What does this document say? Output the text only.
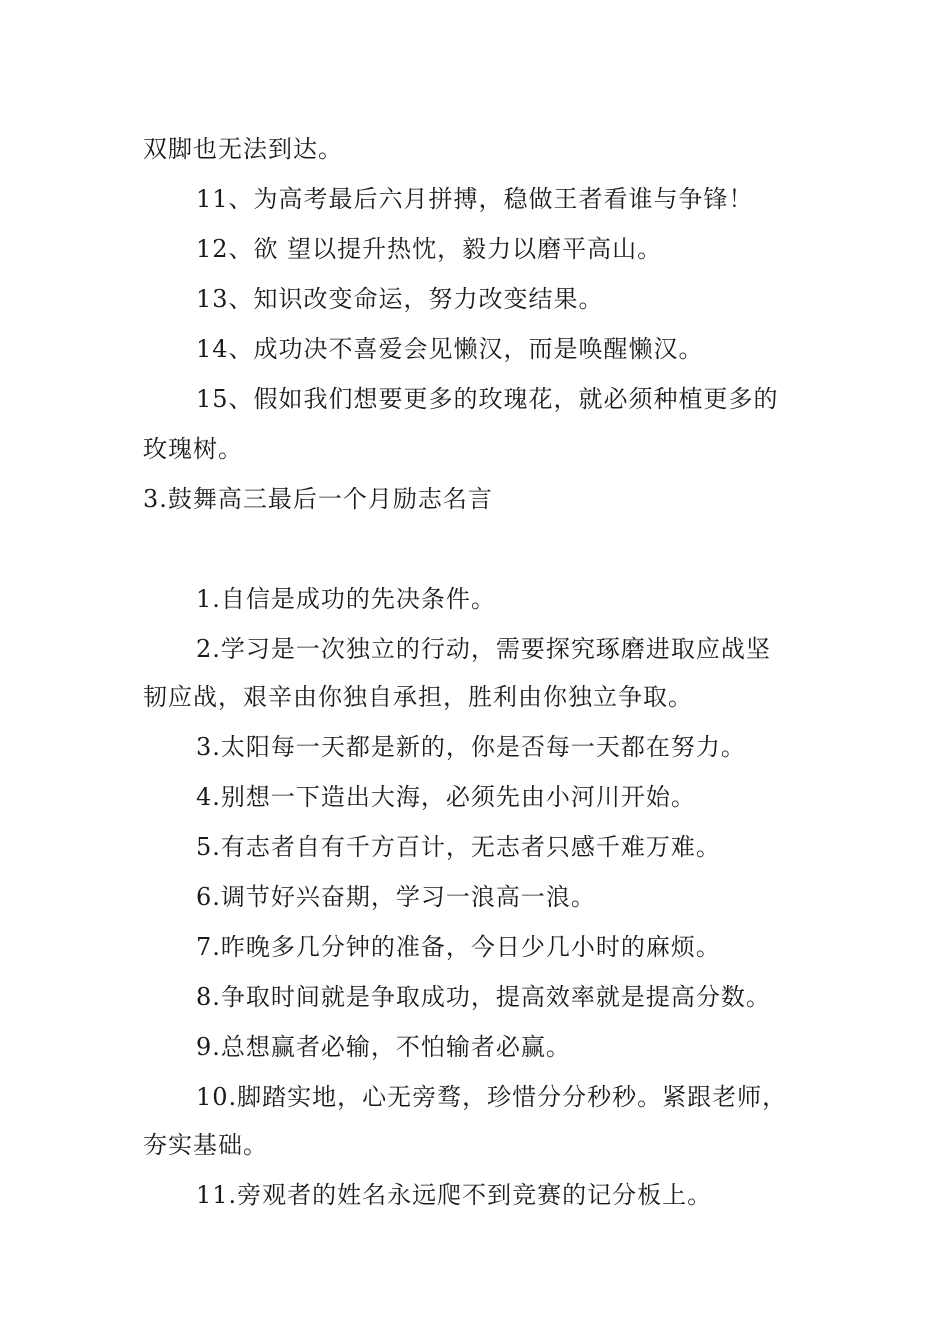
双脚也无法到达。
11、为高考最后六月拼搏，稳做王者看谁与争锋！
12、欲 望以提升热忱，毅力以磨平高山。
13、知识改变命运，努力改变结果。
14、成功决不喜爱会见懒汉，而是唤醒懒汉。
15、假如我们想要更多的玫瑰花，就必须种植更多的
玫瑰树。
3.鼓舞高三最后一个月励志名言
1.自信是成功的先决条件。
2.学习是一次独立的行动，需要探究琢磨进取应战坚
韧应战，艰辛由你独自承担，胜利由你独立争取。
3.太阳每一天都是新的，你是否每一天都在努力。
4.别想一下造出大海，必须先由小河川开始。
5.有志者自有千方百计，无志者只感千难万难。
6.调节好兴奋期，学习一浪高一浪。
7.昨晚多几分钟的准备，今日少几小时的麻烦。
8.争取时间就是争取成功，提高效率就是提高分数。
9.总想赢者必输，不怕输者必赢。
10.脚踏实地，心无旁骛，珍惜分分秒秒。紧跟老师，
夯实基础。
11.旁观者的姓名永远爬不到竞赛的记分板上。
